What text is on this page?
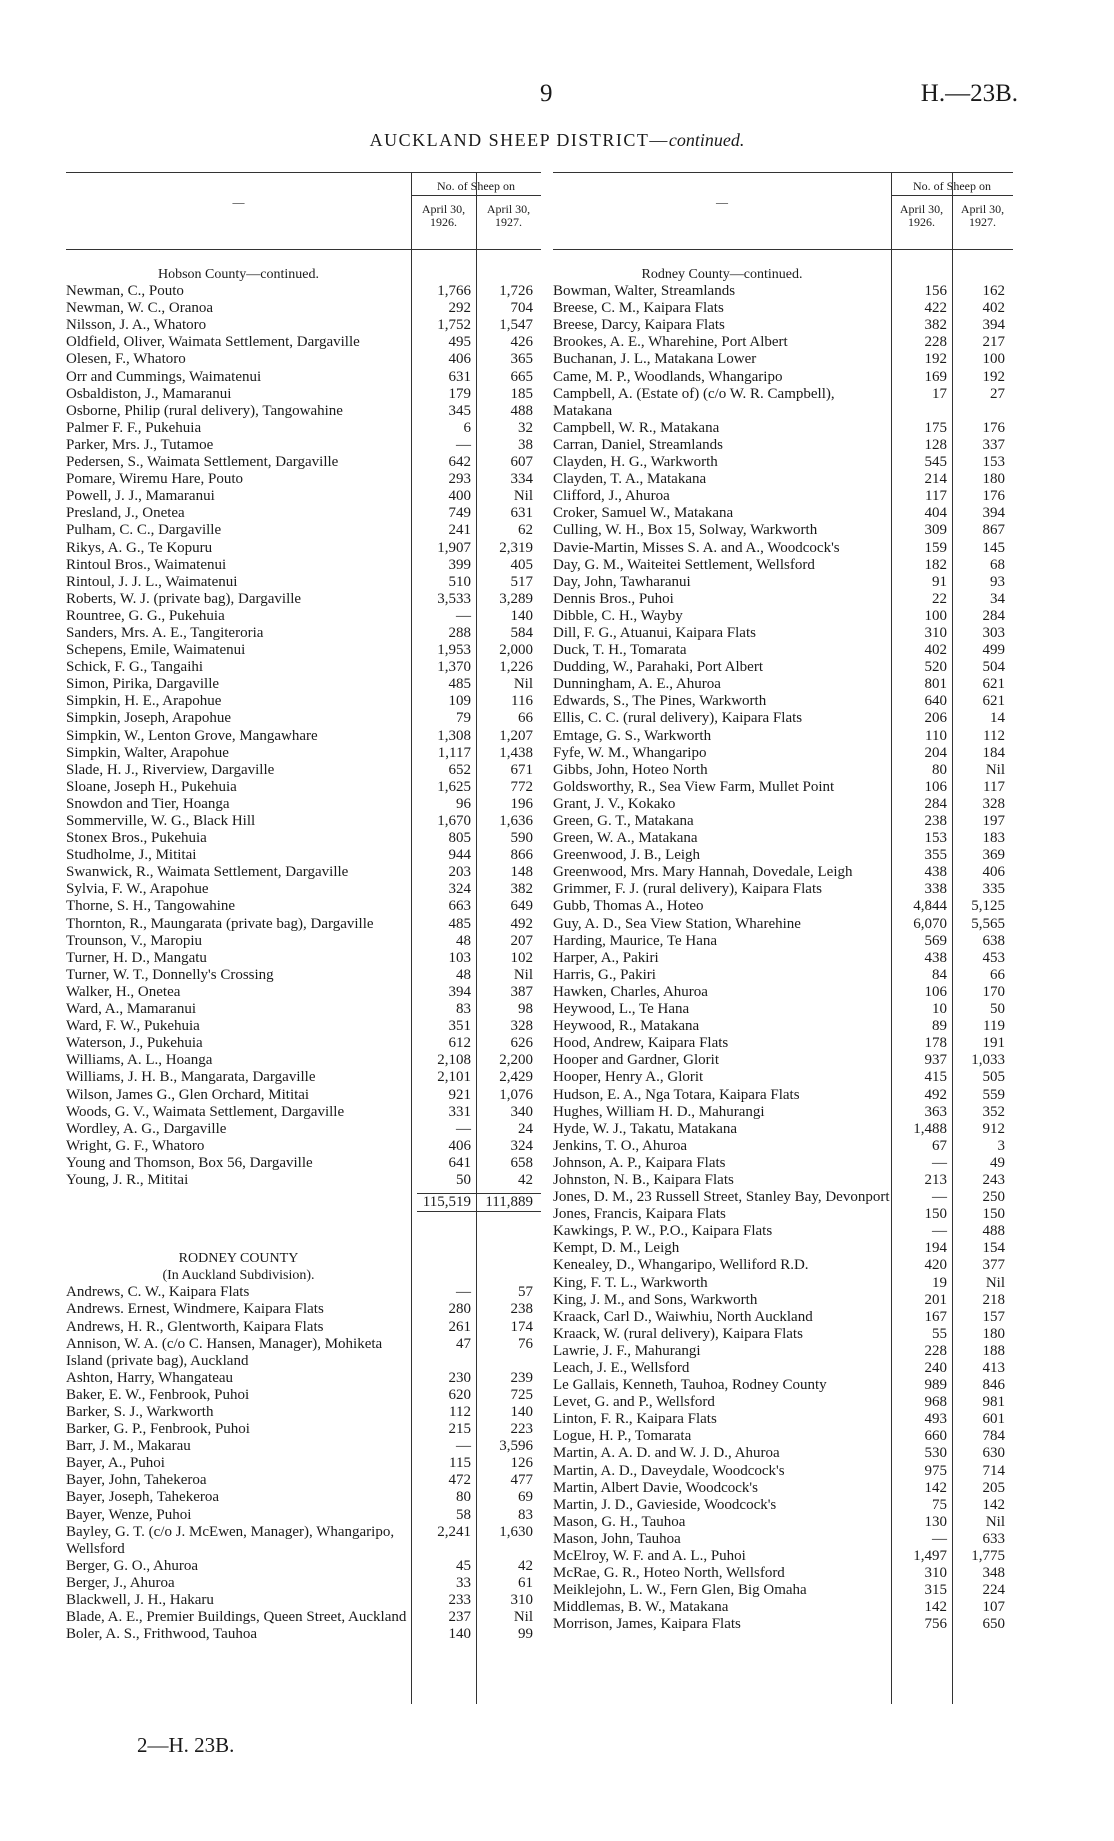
9	H.—23B.
AUCKLAND SHEEP DISTRICT—continued.
—
No. of Sheep on
April 30, 1926.
April 30, 1927.
Hobson County—continued.
Newman, C., Pouto	1,766	1,726
Newman, W. C., Oranoa	292	704
Nilsson, J. A., Whatoro	1,752	1,547
Oldfield, Oliver, Waimata Settlement, Dargaville	495	426
Olesen, F., Whatoro	406	365
Orr and Cummings, Waimatenui	631	665
Osbaldiston, J., Mamaranui	179	185
Osborne, Philip (rural delivery), Tangowahine	345	488
Palmer F. F., Pukehuia	6	32
Parker, Mrs. J., Tutamoe	—	38
Pedersen, S., Waimata Settlement, Dargaville	642	607
Pomare, Wiremu Hare, Pouto	293	334
Powell, J. J., Mamaranui	400	Nil
Presland, J., Onetea	749	631
Pulham, C. C., Dargaville	241	62
Rikys, A. G., Te Kopuru	1,907	2,319
Rintoul Bros., Waimatenui	399	405
Rintoul, J. J. L., Waimatenui	510	517
Roberts, W. J. (private bag), Dargaville	3,533	3,289
Rountree, G. G., Pukehuia	—	140
Sanders, Mrs. A. E., Tangiteroria	288	584
Schepens, Emile, Waimatenui	1,953	2,000
Schick, F. G., Tangaihi	1,370	1,226
Simon, Pirika, Dargaville	485	Nil
Simpkin, H. E., Arapohue	109	116
Simpkin, Joseph, Arapohue	79	66
Simpkin, W., Lenton Grove, Mangawhare	1,308	1,207
Simpkin, Walter, Arapohue	1,117	1,438
Slade, H. J., Riverview, Dargaville	652	671
Sloane, Joseph H., Pukehuia	1,625	772
Snowdon and Tier, Hoanga	96	196
Sommerville, W. G., Black Hill	1,670	1,636
Stonex Bros., Pukehuia	805	590
Studholme, J., Mititai	944	866
Swanwick, R., Waimata Settlement, Dargaville	203	148
Sylvia, F. W., Arapohue	324	382
Thorne, S. H., Tangowahine	663	649
Thornton, R., Maungarata (private bag), Dargaville	485	492
Trounson, V., Maropiu	48	207
Turner, H. D., Mangatu	103	102
Turner, W. T., Donnelly's Crossing	48	Nil
Walker, H., Onetea	394	387
Ward, A., Mamaranui	83	98
Ward, F. W., Pukehuia	351	328
Waterson, J., Pukehuia	612	626
Williams, A. L., Hoanga	2,108	2,200
Williams, J. H. B., Mangarata, Dargaville	2,101	2,429
Wilson, James G., Glen Orchard, Mititai	921	1,076
Woods, G. V., Waimata Settlement, Dargaville	331	340
Wordley, A. G., Dargaville	—	24
Wright, G. F., Whatoro	406	324
Young and Thomson, Box 56, Dargaville	641	658
Young, J. R., Mititai	50	42
115,519 111,889
RODNEY COUNTY
(In Auckland Subdivision).
Andrews, C. W., Kaipara Flats	—	57
Andrews. Ernest, Windmere, Kaipara Flats	280	238
Andrews, H. R., Glentworth, Kaipara Flats	261	174
Annison, W. A. (c/o C. Hansen, Manager), Mohiketa Island (private bag), Auckland
47	76
Ashton, Harry, Whangateau	230	239
Baker, E. W., Fenbrook, Puhoi	620	725
Barker, S. J., Warkworth	112	140
Barker, G. P., Fenbrook, Puhoi	215	223
Barr, J. M., Makarau	—	3,596
Bayer, A., Puhoi	115	126
Bayer, John, Tahekeroa	472	477
Bayer, Joseph, Tahekeroa	80	69
Bayer, Wenze, Puhoi	58	83
Bayley, G. T. (c/o J. McEwen, Manager), Whangaripo, Wellsford
2,241	1,630
Berger, G. O., Ahuroa	45	42
Berger, J., Ahuroa	33	61
Blackwell, J. H., Hakaru	233	310
Blade, A. E., Premier Buildings, Queen Street, Auckland	237	Nil
Boler, A. S., Frithwood, Tauhoa	140	99
—
No. of Sheep on
April 30, 1926.
April 30, 1927.
Rodney County—continued.
Bowman, Walter, Streamlands	156	162
Breese, C. M., Kaipara Flats	422	402
Breese, Darcy, Kaipara Flats	382	394
Brookes, A. E., Wharehine, Port Albert	228	217
Buchanan, J. L., Matakana Lower	192	100
Came, M. P., Woodlands, Whangaripo	169	192
Campbell, A. (Estate of) (c/o W. R. Campbell), Matakana
17	27
Campbell, W. R., Matakana	175	176
Carran, Daniel, Streamlands	128	337
Clayden, H. G., Warkworth	545	153
Clayden, T. A., Matakana	214	180
Clifford, J., Ahuroa	117	176
Croker, Samuel W., Matakana	404	394
Culling, W. H., Box 15, Solway, Warkworth	309	867
Davie-Martin, Misses S. A. and A., Woodcock's	159	145
Day, G. M., Waiteitei Settlement, Wellsford	182	68
Day, John, Tawharanui	91	93
Dennis Bros., Puhoi	22	34
Dibble, C. H., Wayby	100	284
Dill, F. G., Atuanui, Kaipara Flats	310	303
Duck, T. H., Tomarata	402	499
Dudding, W., Parahaki, Port Albert	520	504
Dunningham, A. E., Ahuroa	801	621
Edwards, S., The Pines, Warkworth	640	621
Ellis, C. C. (rural delivery), Kaipara Flats	206	14
Emtage, G. S., Warkworth	110	112
Fyfe, W. M., Whangaripo	204	184
Gibbs, John, Hoteo North	80	Nil
Goldsworthy, R., Sea View Farm, Mullet Point	106	117
Grant, J. V., Kokako	284	328
Green, G. T., Matakana	238	197
Green, W. A., Matakana	153	183
Greenwood, J. B., Leigh	355	369
Greenwood, Mrs. Mary Hannah, Dovedale, Leigh	438	406
Grimmer, F. J. (rural delivery), Kaipara Flats	338	335
Gubb, Thomas A., Hoteo	4,844	5,125
Guy, A. D., Sea View Station, Wharehine	6,070	5,565
Harding, Maurice, Te Hana	569	638
Harper, A., Pakiri	438	453
Harris, G., Pakiri	84	66
Hawken, Charles, Ahuroa	106	170
Heywood, L., Te Hana	10	50
Heywood, R., Matakana	89	119
Hood, Andrew, Kaipara Flats	178	191
Hooper and Gardner, Glorit	937	1,033
Hooper, Henry A., Glorit	415	505
Hudson, E. A., Nga Totara, Kaipara Flats	492	559
Hughes, William H. D., Mahurangi	363	352
Hyde, W. J., Takatu, Matakana	1,488	912
Jenkins, T. O., Ahuroa	67	3
Johnson, A. P., Kaipara Flats	—	49
Johnston, N. B., Kaipara Flats	213	243
Jones, D. M., 23 Russell Street, Stanley Bay, Devonport	—	250
Jones, Francis, Kaipara Flats	150	150
Kawkings, P. W., P.O., Kaipara Flats	—	488
Kempt, D. M., Leigh	194	154
Kenealey, D., Whangaripo, Welliford R.D.	420	377
King, F. T. L., Warkworth	19	Nil
King, J. M., and Sons, Warkworth	201	218
Kraack, Carl D., Waiwhiu, North Auckland	167	157
Kraack, W. (rural delivery), Kaipara Flats	55	180
Lawrie, J. F., Mahurangi	228	188
Leach, J. E., Wellsford	240	413
Le Gallais, Kenneth, Tauhoa, Rodney County	989	846
Levet, G. and P., Wellsford	968	981
Linton, F. R., Kaipara Flats	493	601
Logue, H. P., Tomarata	660	784
Martin, A. A. D. and W. J. D., Ahuroa	530	630
Martin, A. D., Daveydale, Woodcock's	975	714
Martin, Albert Davie, Woodcock's	142	205
Martin, J. D., Gavieside, Woodcock's	75	142
Mason, G. H., Tauhoa	130	Nil
Mason, John, Tauhoa	—	633
McElroy, W. F. and A. L., Puhoi	1,497	1,775
McRae, G. R., Hoteo North, Wellsford	310	348
Meiklejohn, L. W., Fern Glen, Big Omaha	315	224
Middlemas, B. W., Matakana	142	107
Morrison, James, Kaipara Flats	756	650
2—H. 23B.
